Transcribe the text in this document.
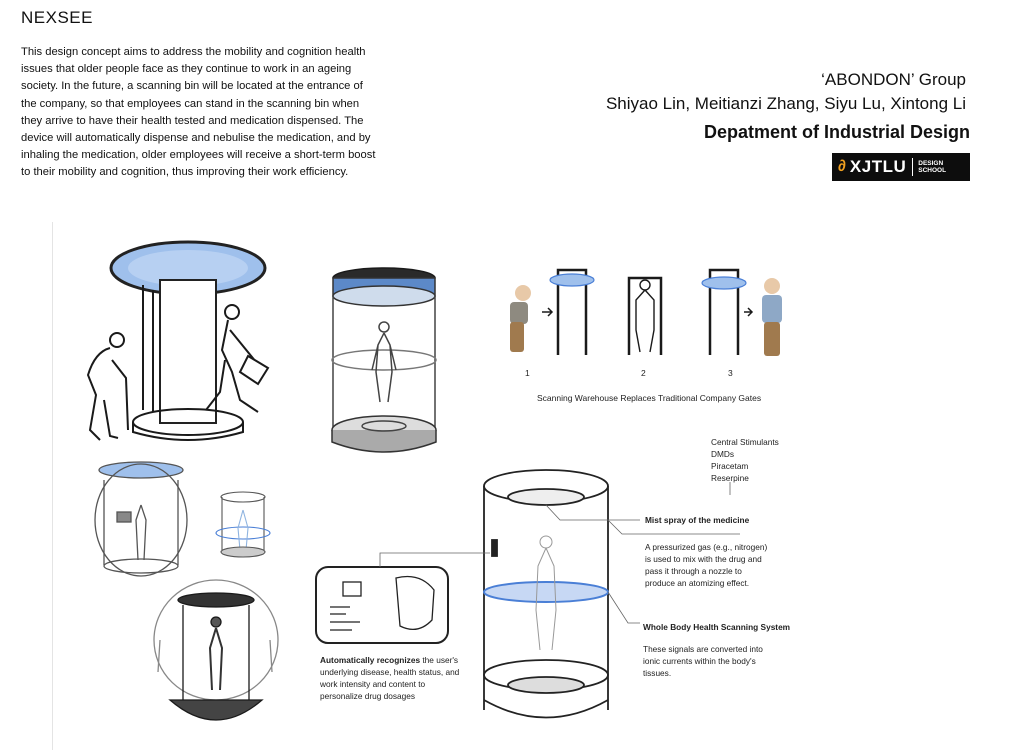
NEXSEE
This design concept aims to address the mobility and cognition health issues that older people face as they continue to work in an ageing society. In the future, a scanning bin will be located at the entrance of the company, so that employees can stand in the scanning bin when they arrive to have their health tested and medication dispensed. The device will automatically dispense and nebulise the medication, and by inhaling the medication, older employees will receive a short-term boost to their mobility and cognition, thus improving their work efficiency.
‘ABONDON’ Group
Shiyao Lin, Meitianzi Zhang, Siyu Lu, Xintong Li
Depatment of Industrial Design
∂ XJTLU DESIGN
SCHOOL
1	2	3
Scanning Warehouse Replaces Traditional Company Gates
Central Stimulants
DMDs
Piracetam
Reserpine
Mist spray of the medicine
A pressurized gas (e.g., nitrogen)
is used to mix with the drug and
pass it through a nozzle to
produce an atomizing effect.
Whole Body Health Scanning System
These signals are converted into
ionic currents within the body's
tissues.
Automatically recognizes the user's
underlying disease, health status, and
work intensity and content to
personalize drug dosages
